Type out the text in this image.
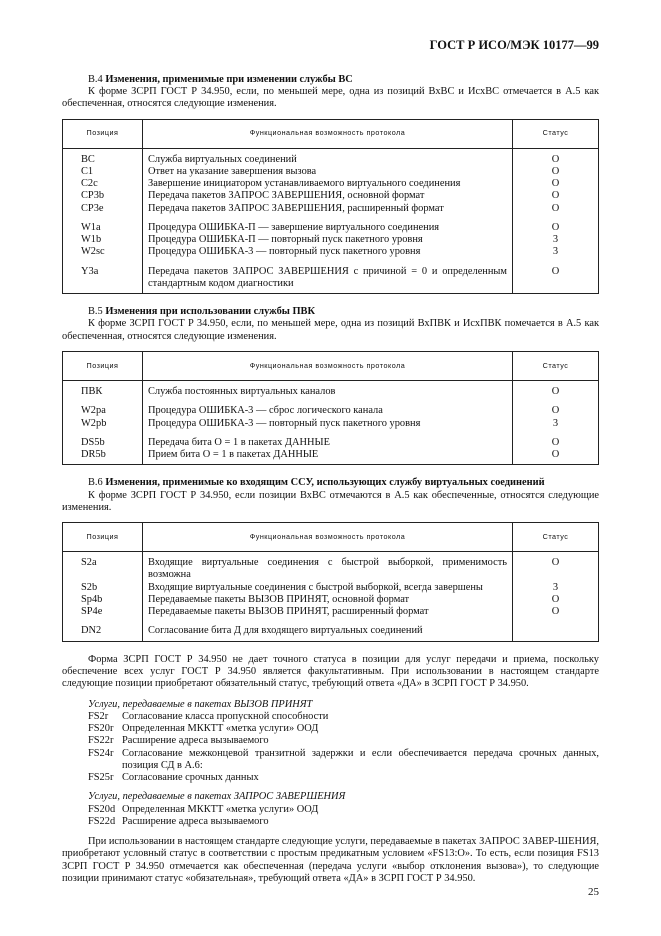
ГОСТ Р ИСО/МЭК 10177—99
В.4 Изменения, применимые при изменении службы ВС

К форме ЗСРП ГОСТ Р 34.950, если, по меньшей мере, одна из позиций ВхВС и ИсхВС отмечается в А.5 как обеспеченная, относятся следующие изменения.

Позиция	Функциональная возможность протокола	Статус
ВС	Служба виртуальных соединений	О
С1	Ответ на указание завершения вызова	О
С2с	Завершение инициатором устанавливаемого виртуального соединения	О
СР3b	Передача пакетов ЗАПРОС ЗАВЕРШЕНИЯ, основной формат	О
СР3е	Передача пакетов ЗАПРОС ЗАВЕРШЕНИЯ, расширенный формат	О
W1а	Процедура ОШИБКА-П — завершение виртуального соединения	О
W1b	Процедура ОШИБКА-П — повторный пуск пакетного уровня	3
W2sc	Процедура ОШИБКА-3 — повторный пуск пакетного уровня	3
Y3a	Передача пакетов ЗАПРОС ЗАВЕРШЕНИЯ с причиной = 0 и определенным стандартным кодом диагностики	О
В.5 Изменения при использовании службы ПВК

К форме ЗСРП ГОСТ Р 34.950, если, по меньшей мере, одна из позиций ВхПВК и ИсхПВК помечается в А.5 как обеспеченная, относятся следующие изменения.

Позиция	Функциональная возможность протокола	Статус
ПВК	Служба постоянных виртуальных каналов	О
W2pa	Процедура ОШИБКА-3 — сброс логического канала	О
W2pb	Процедура ОШИБКА-3 — повторный пуск пакетного уровня	3
DS5b	Передача бита О = 1 в пакетах ДАННЫЕ	О
DR5b	Прием бита О = 1 в пакетах ДАННЫЕ	О
В.6 Изменения, применимые ко входящим ССУ, использующих службу виртуальных соединений

К форме ЗСРП ГОСТ Р 34.950, если позиции ВхВС отмечаются в А.5 как обеспеченные, относятся следующие изменения.

Позиция	Функциональная возможность протокола	Статус
S2a	Входящие виртуальные соединения с быстрой выборкой, применимость возможна	О
S2b	Входящие виртуальные соединения с быстрой выборкой, всегда завершены	3
Sp4b	Передаваемые пакеты ВЫЗОВ ПРИНЯТ, основной формат	О
SP4e	Передаваемые пакеты ВЫЗОВ ПРИНЯТ, расширенный формат	О
DN2	Согласование бита Д для входящего виртуальных соединений	

Форма ЗСРП ГОСТ Р 34.950 не дает точного статуса в позиции для услуг передачи и приема, поскольку обеспечение всех услуг ГОСТ Р 34.950 является факультативным. При использовании в настоящем стандарте следующие позиции приобретают обязательный статус, требующий ответа «ДА» в ЗСРП ГОСТ Р 34.950.

Услуги, передаваемые в пакетах ВЫЗОВ ПРИНЯТ
FS2r	Согласование класса пропускной способности
FS20r Определенная МККТТ «метка услуги» ООД
FS22r Расширение адреса вызываемого
FS24r Согласование межконцевой транзитной задержки и если обеспечивается передача срочных данных, позиция СД в А.6:
FS25r Согласование срочных данных
Услуги, передаваемые в пакетах ЗАПРОС ЗАВЕРШЕНИЯ
FS20d Определенная МККТТ «метка услуги» ООД
FS22d Расширение адреса вызываемого

При использовании в настоящем стандарте следующие услуги, передаваемые в пакетах ЗАПРОС ЗАВЕР-ШЕНИЯ, приобретают условный статус в соответствии с простым предикатным условием «FS13:О». То есть, если позиция FS13 ЗСРП ГОСТ Р 34.950 отмечается как обеспеченная (передача услуги «выбор отклонения вызова»), то следующие позиции принимают статус «обязательная», требующий ответа «ДА» в ЗСРП ГОСТ Р 34.950.

25
